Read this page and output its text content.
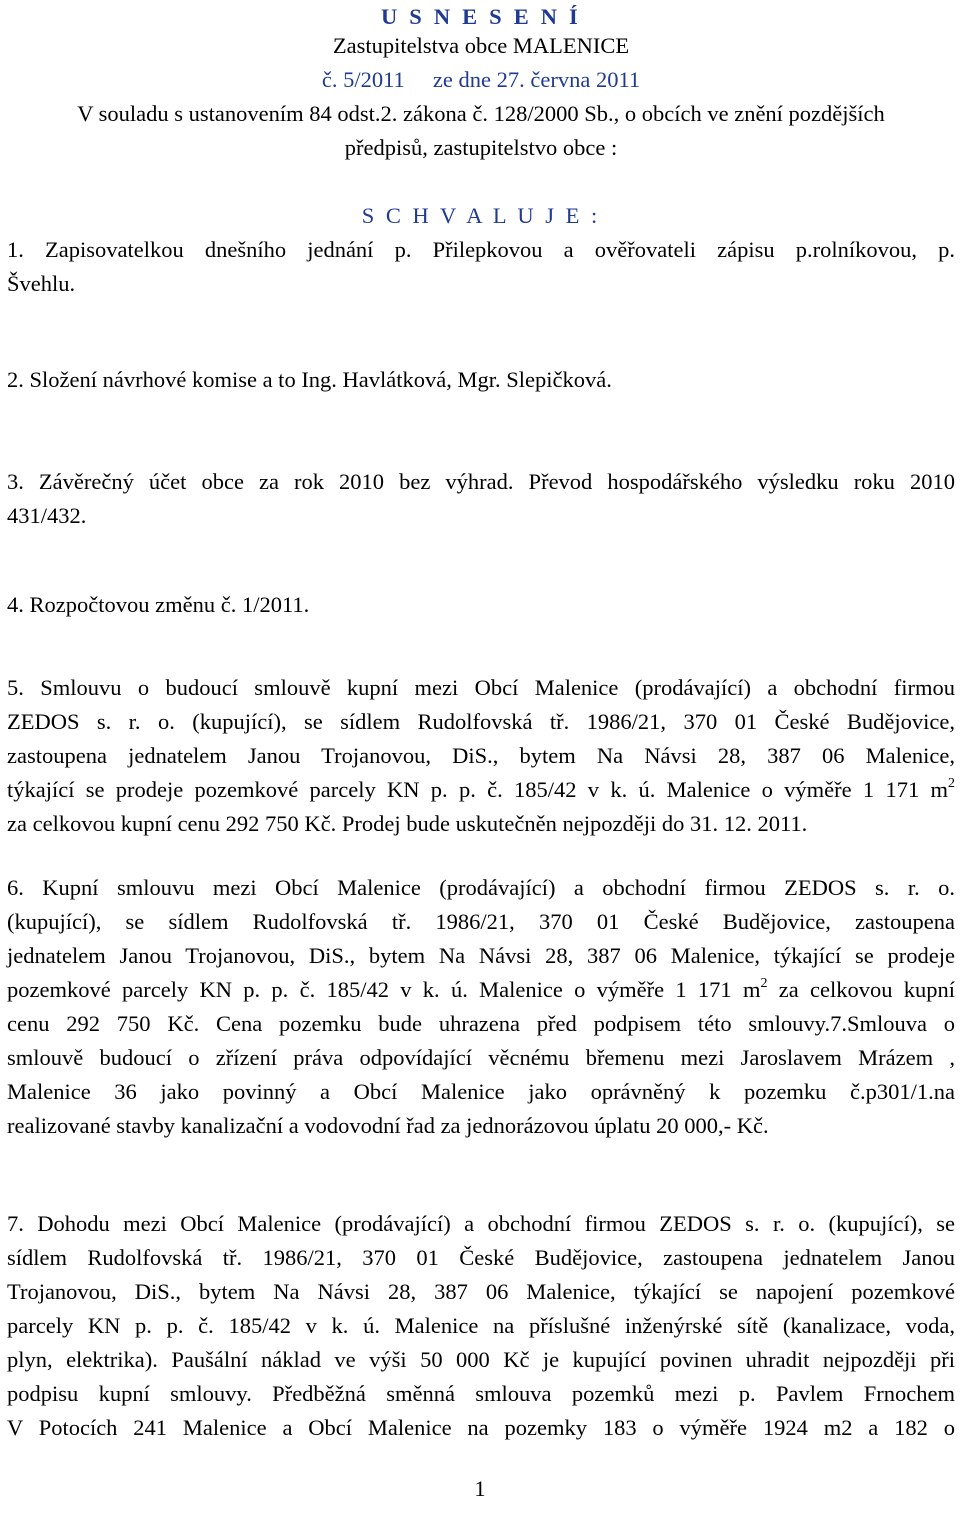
U S N E S E N Í
Zastupitelstva obce MALENICE
č. 5/2011 ze dne 27. června 2011
V souladu s ustanovením 84 odst.2. zákona č. 128/2000 Sb., o obcích ve znění pozdějších
předpisů, zastupitelstvo obce :
S C H V A L U J E :
1. Zapisovatelkou dnešního jednání p. Přilepkovou a ověřovateli zápisu p.rolníkovou, p.
Švehlu.
2. Složení návrhové komise a to Ing. Havlátková, Mgr. Slepičková.
3. Závěrečný účet obce za rok 2010 bez výhrad. Převod hospodářského výsledku roku 2010
431/432.
4. Rozpočtovou změnu č. 1/2011.
5. Smlouvu o budoucí smlouvě kupní mezi Obcí Malenice (prodávající) a obchodní firmou
ZEDOS s. r. o. (kupující), se sídlem Rudolfovská tř. 1986/21, 370 01 České Budějovice,
zastoupena jednatelem Janou Trojanovou, DiS., bytem Na Návsi 28, 387 06 Malenice,
týkající se prodeje pozemkové parcely KN p. p. č. 185/42 v k. ú. Malenice o výměře 1 171 $m^2$
za celkovou kupní cenu 292 750 Kč. Prodej bude uskutečněn nejpozději do 31. 12. 2011.
6. Kupní smlouvu mezi Obcí Malenice (prodávající) a obchodní firmou ZEDOS s. r. o.
(kupující), se sídlem Rudolfovská tř. 1986/21, 370 01 České Budějovice, zastoupena
jednatelem Janou Trojanovou, DiS., bytem Na Návsi 28, 387 06 Malenice, týkající se prodeje
pozemkové parcely KN p. p. č. 185/42 v k. ú. Malenice o výměře 1 171 $m^2$ za celkovou kupní
cenu 292 750 Kč. Cena pozemku bude uhrazena před podpisem této smlouvy.7.Smlouva o
smlouvě budoucí o zřízení práva odpovídající věcnému břemenu mezi Jaroslavem Mrázem ,
Malenice 36 jako povinný a Obcí Malenice jako oprávněný k pozemku č.p301/1.na
realizované stavby kanalizační a vodovodní řad za jednorázovou úplatu 20 000,- Kč.
7. Dohodu mezi Obcí Malenice (prodávající) a obchodní firmou ZEDOS s. r. o. (kupující), se
sídlem Rudolfovská tř. 1986/21, 370 01 České Budějovice, zastoupena jednatelem Janou
Trojanovou, DiS., bytem Na Návsi 28, 387 06 Malenice, týkající se napojení pozemkové
parcely KN p. p. č. 185/42 v k. ú. Malenice na příslušné inženýrské sítě (kanalizace, voda,
plyn, elektrika). Paušální náklad ve výši 50 000 Kč je kupující povinen uhradit nejpozději při
podpisu kupní smlouvy. Předběžná směnná smlouva pozemků mezi p. Pavlem Frnochem
V Potocích 241 Malenice a Obcí Malenice na pozemky 183 o výměře 1924 m2 a 182 o
1
